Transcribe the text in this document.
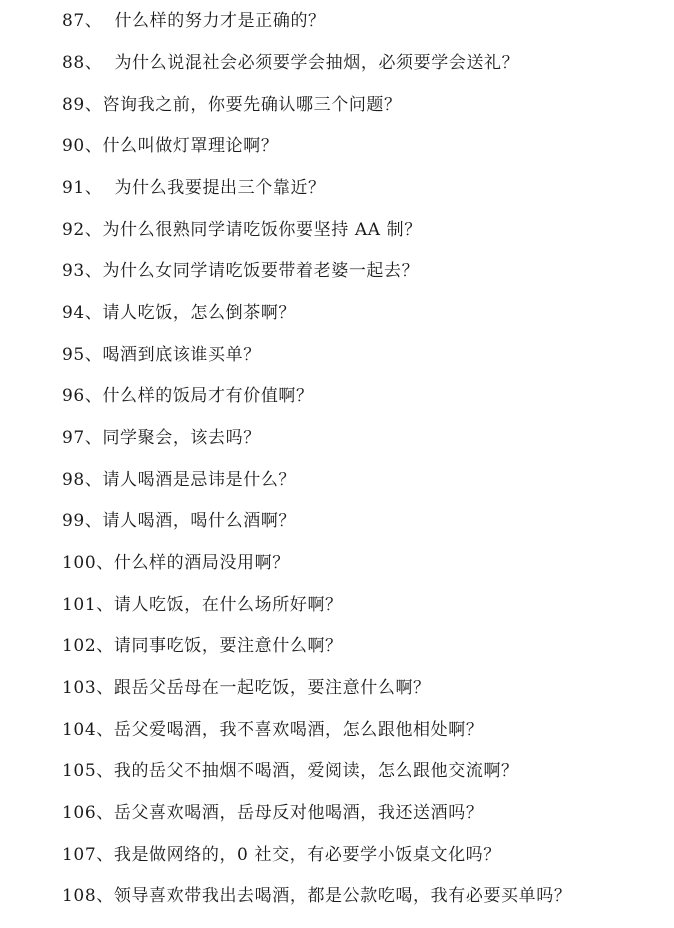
87、  什么样的努力才是正确的？
88、  为什么说混社会必须要学会抽烟，必须要学会送礼？
89、咨询我之前，你要先确认哪三个问题？
90、什么叫做灯罩理论啊？
91、  为什么我要提出三个靠近？
92、为什么很熟同学请吃饭你要坚持 AA 制？
93、为什么女同学请吃饭要带着老婆一起去？
94、请人吃饭，怎么倒茶啊？
95、喝酒到底该谁买单？
96、什么样的饭局才有价值啊？
97、同学聚会，该去吗？
98、请人喝酒是忌讳是什么？
99、请人喝酒，喝什么酒啊？
100、什么样的酒局没用啊？
101、请人吃饭，在什么场所好啊？
102、请同事吃饭，要注意什么啊？
103、跟岳父岳母在一起吃饭，要注意什么啊？
104、岳父爱喝酒，我不喜欢喝酒，怎么跟他相处啊？
105、我的岳父不抽烟不喝酒，爱阅读，怎么跟他交流啊？
106、岳父喜欢喝酒，岳母反对他喝酒，我还送酒吗？
107、我是做网络的，0 社交，有必要学小饭桌文化吗？
108、领导喜欢带我出去喝酒，都是公款吃喝，我有必要买单吗？
